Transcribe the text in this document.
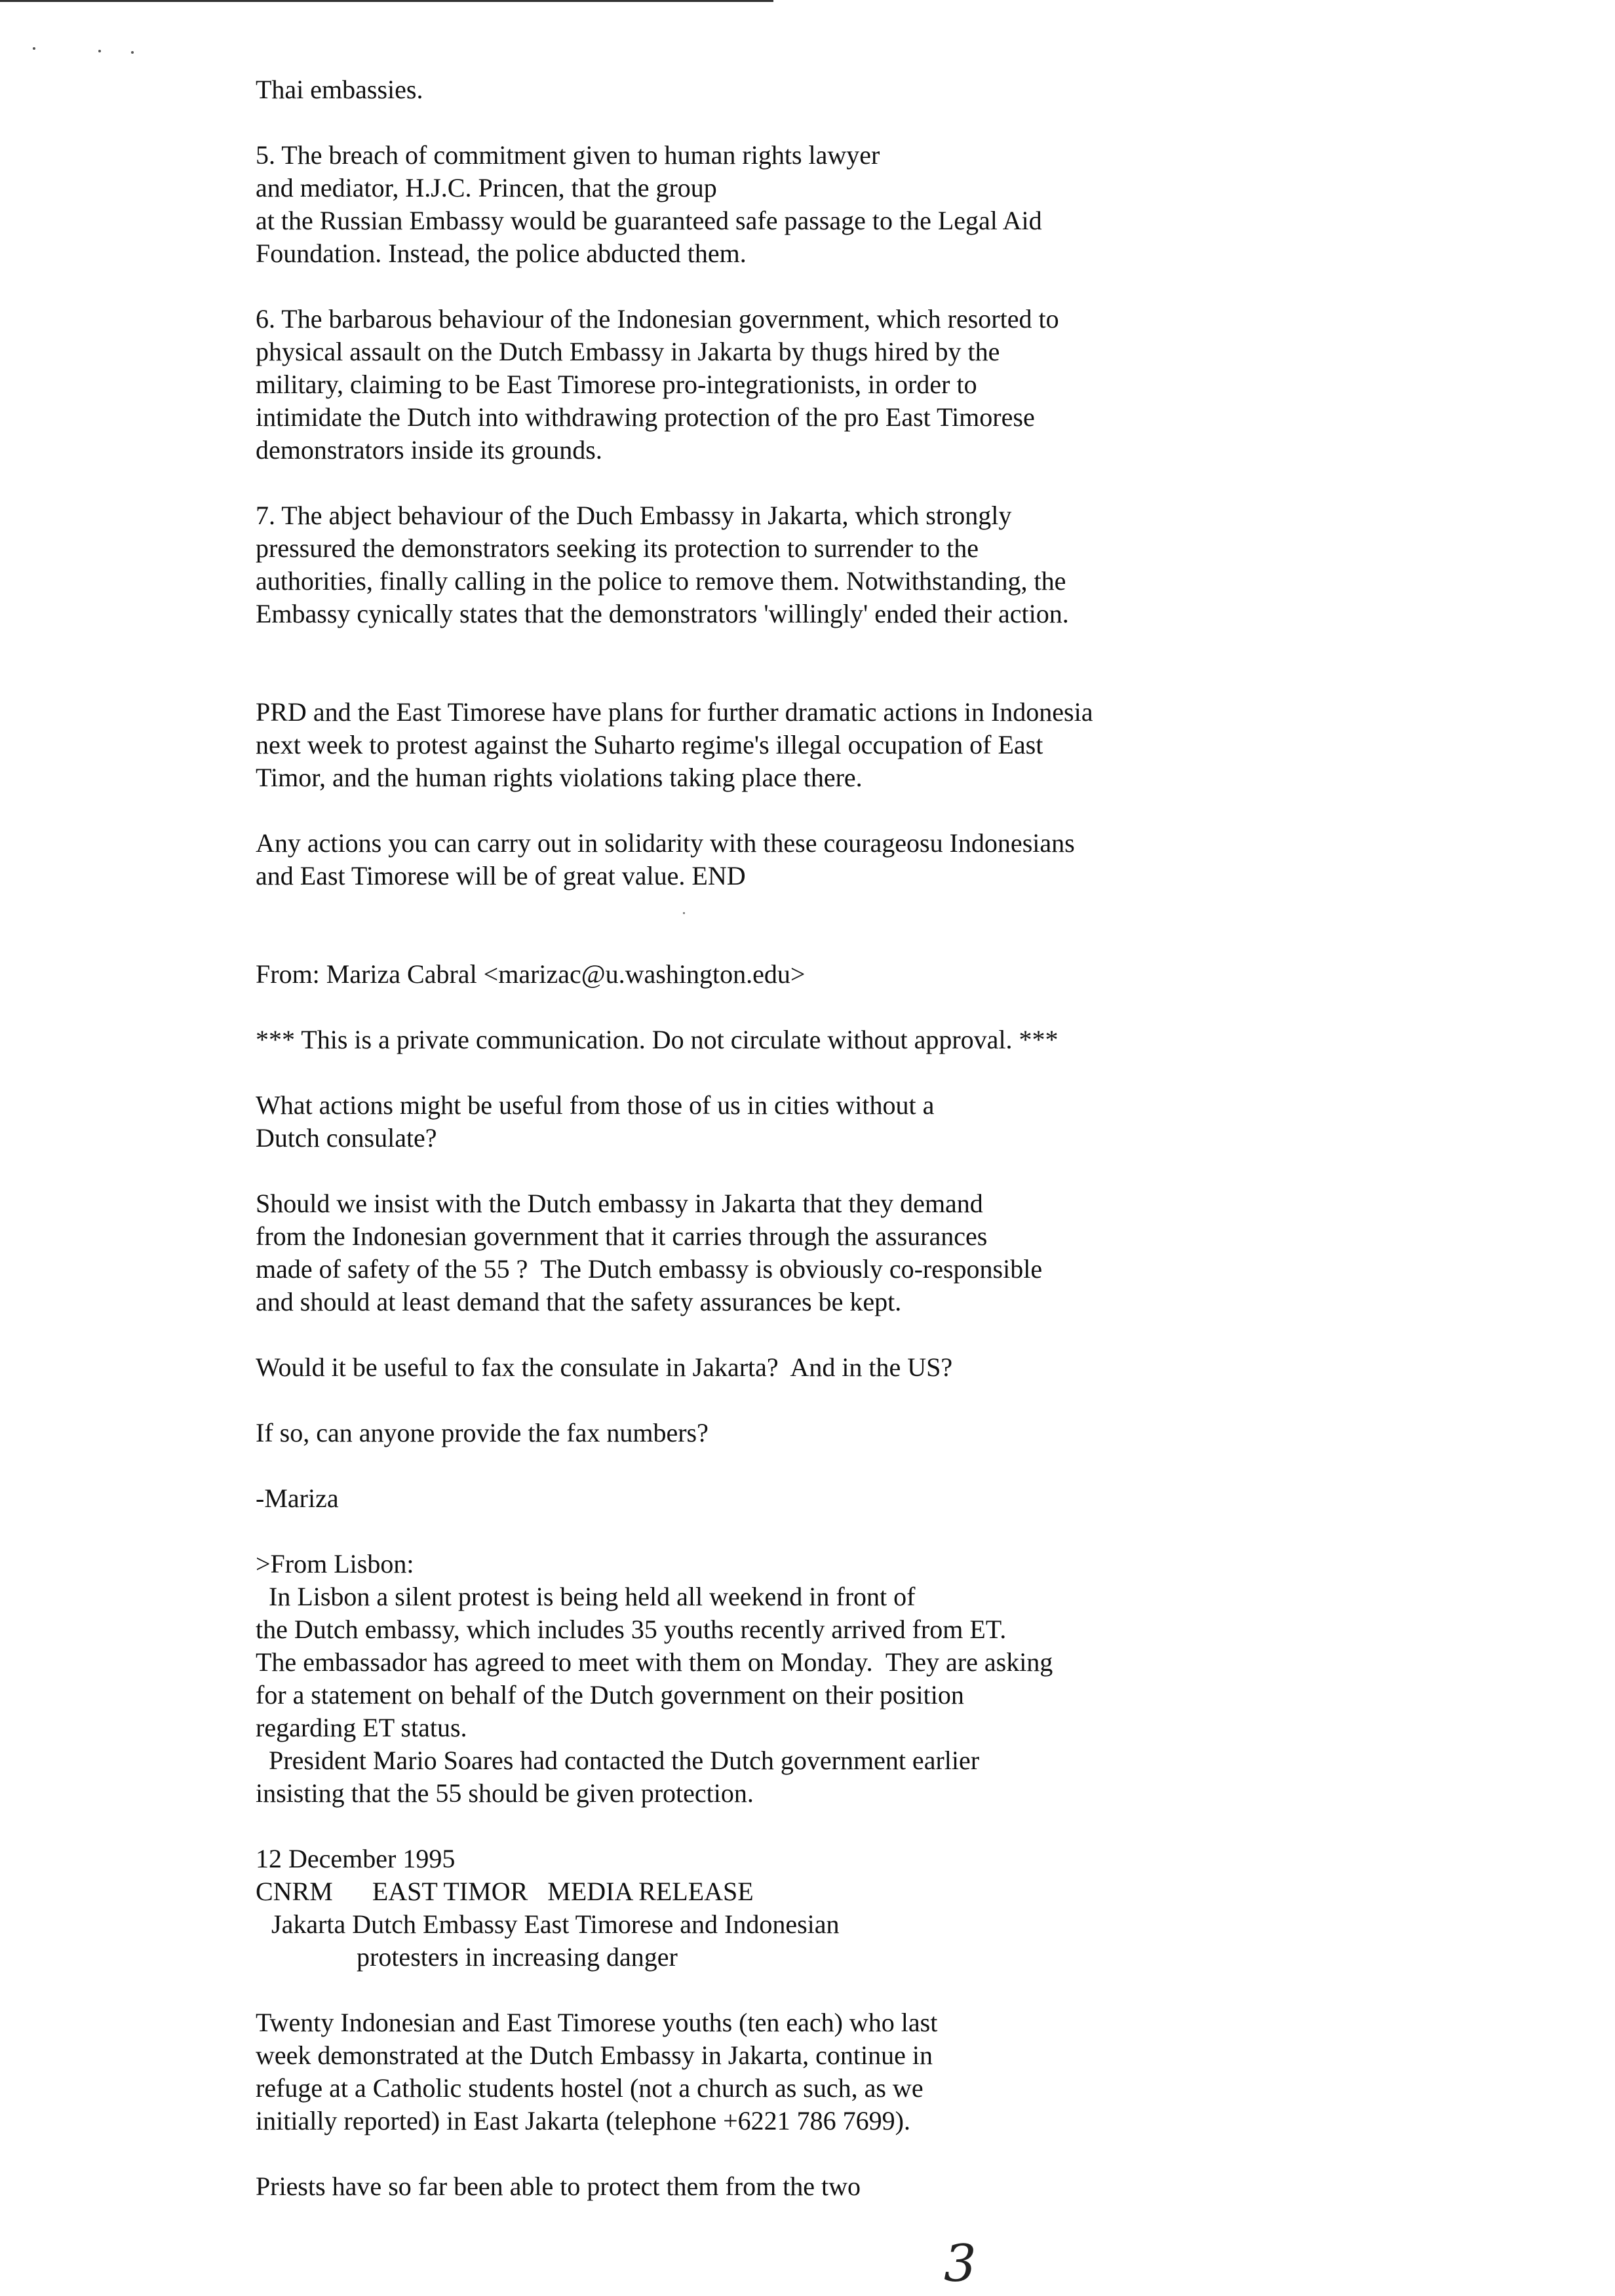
Thai embassies.
5. The breach of commitment given to human rights lawyer
and mediator, H.J.C. Princen, that the group
at the Russian Embassy would be guaranteed safe passage to the Legal Aid
Foundation. Instead, the police abducted them.
6. The barbarous behaviour of the Indonesian government, which resorted to
physical assault on the Dutch Embassy in Jakarta by thugs hired by the
military, claiming to be East Timorese pro-integrationists, in order to
intimidate the Dutch into withdrawing protection of the pro East Timorese
demonstrators inside its grounds.
7. The abject behaviour of the Duch Embassy in Jakarta, which strongly
pressured the demonstrators seeking its protection to surrender to the
authorities, finally calling in the police to remove them. Notwithstanding, the
Embassy cynically states that the demonstrators 'willingly' ended their action.
PRD and the East Timorese have plans for further dramatic actions in Indonesia
next week to protest against the Suharto regime's illegal occupation of East
Timor, and the human rights violations taking place there.
Any actions you can carry out in solidarity with these courageosu Indonesians
and East Timorese will be of great value. END
From: Mariza Cabral <marizac@u.washington.edu>
*** This is a private communication. Do not circulate without approval. ***
What actions might be useful from those of us in cities without a
Dutch consulate?
Should we insist with the Dutch embassy in Jakarta that they demand
from the Indonesian government that it carries through the assurances
made of safety of the 55 ?  The Dutch embassy is obviously co-responsible
and should at least demand that the safety assurances be kept.
Would it be useful to fax the consulate in Jakarta?  And in the US?
If so, can anyone provide the fax numbers?
-Mariza
>From Lisbon:
In Lisbon a silent protest is being held all weekend in front of
the Dutch embassy, which includes 35 youths recently arrived from ET.
The embassador has agreed to meet with them on Monday.  They are asking
for a statement on behalf of the Dutch government on their position
regarding ET status.
President Mario Soares had contacted the Dutch government earlier
insisting that the 55 should be given protection.
12 December 1995
CNRM      EAST TIMOR   MEDIA RELEASE
Jakarta Dutch Embassy East Timorese and Indonesian
protesters in increasing danger
Twenty Indonesian and East Timorese youths (ten each) who last
week demonstrated at the Dutch Embassy in Jakarta, continue in
refuge at a Catholic students hostel (not a church as such, as we
initially reported) in East Jakarta (telephone +6221 786 7699).
Priests have so far been able to protect them from the two
3
